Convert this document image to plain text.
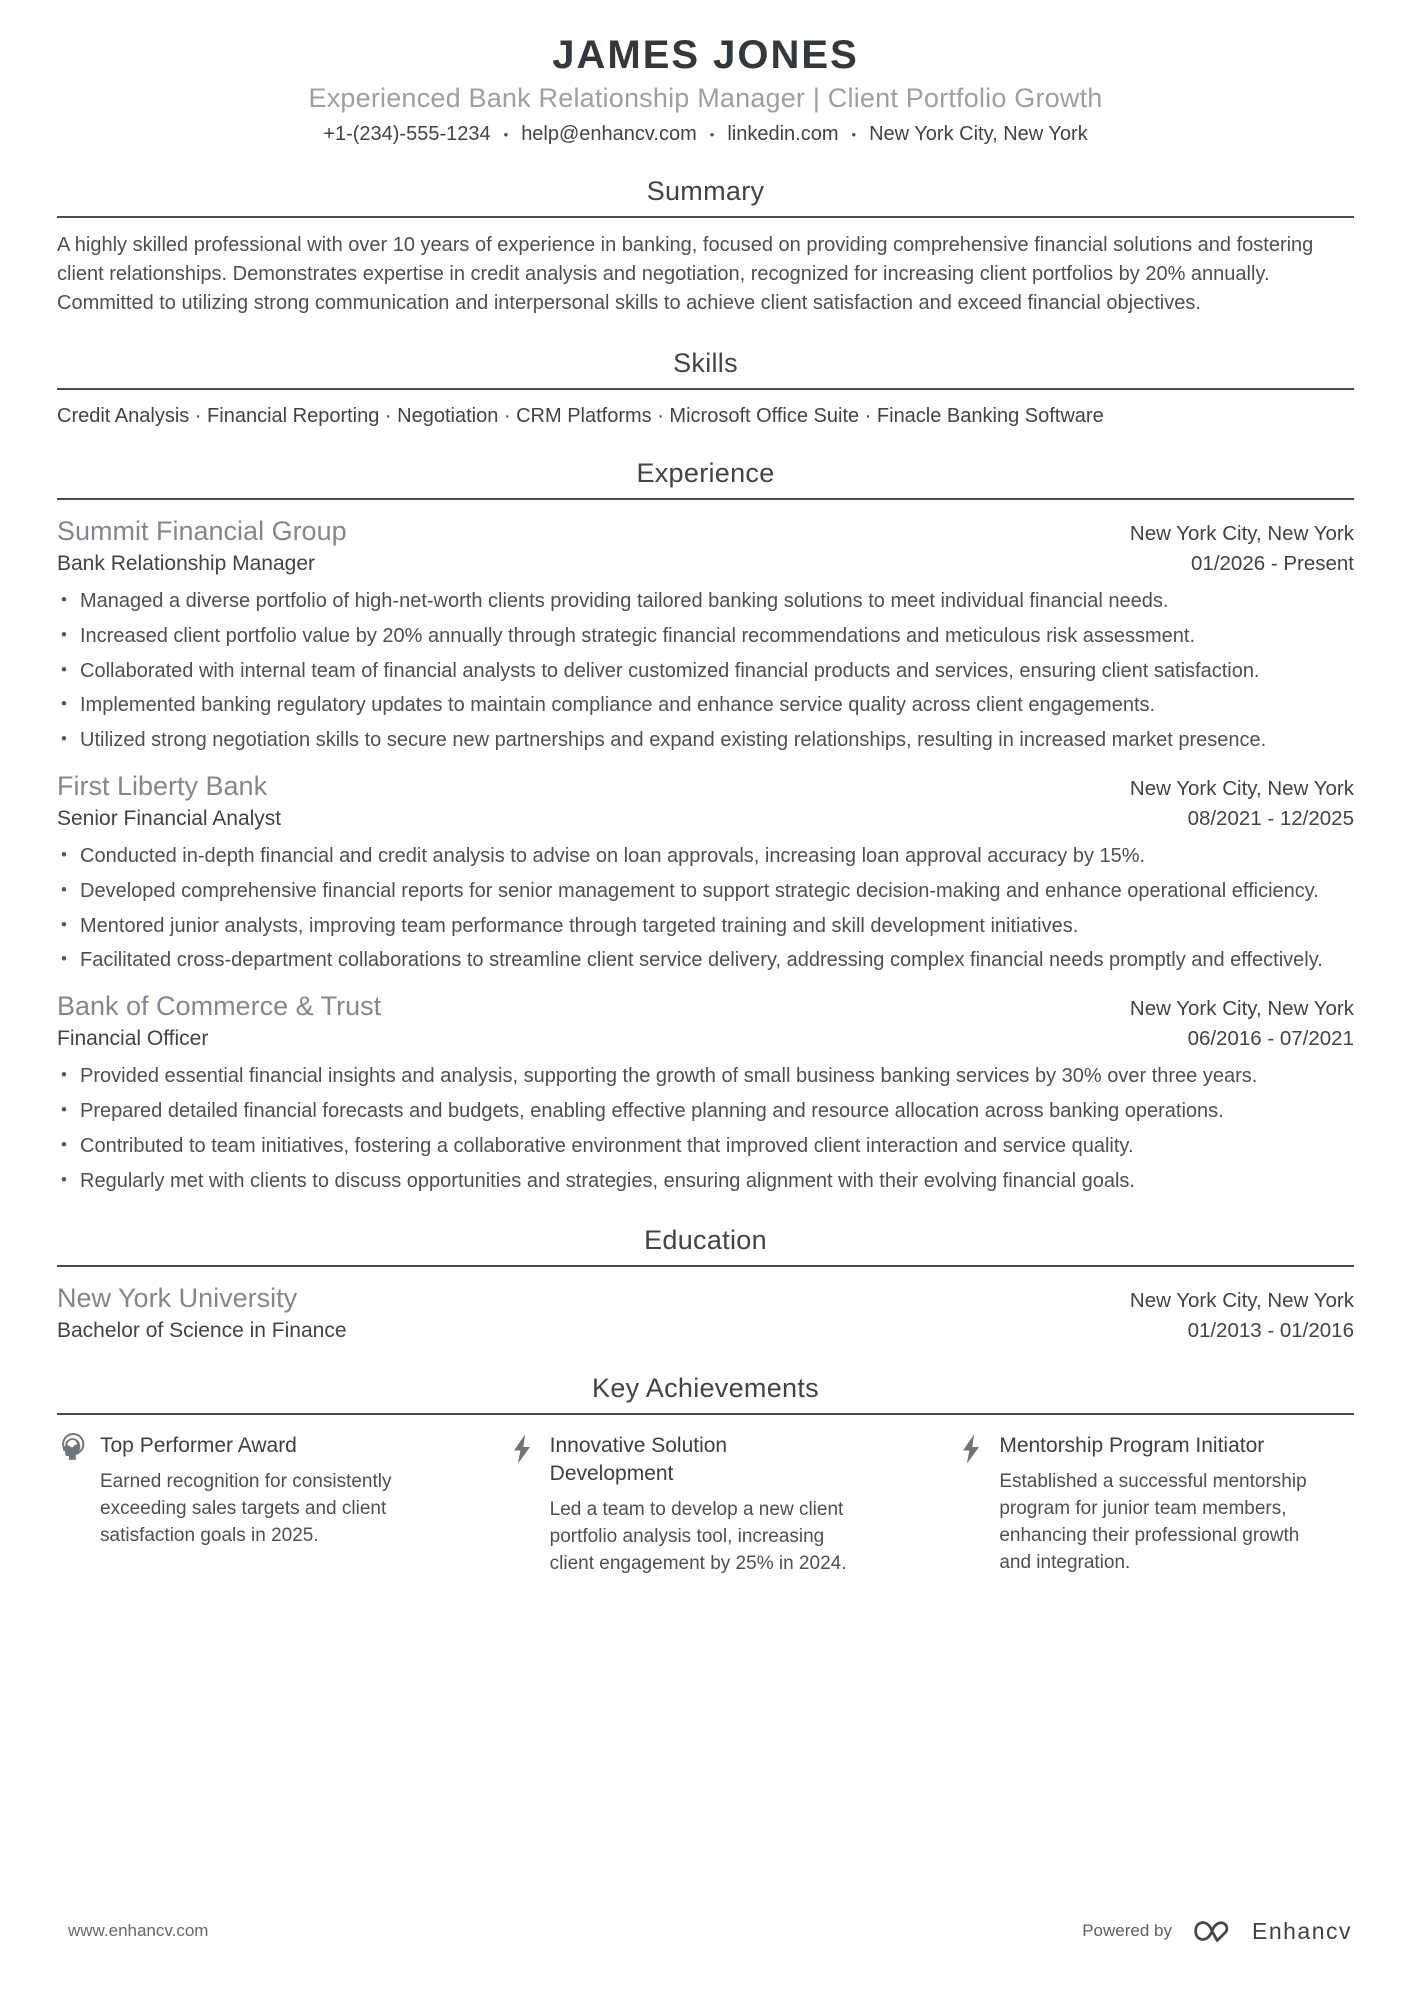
JAMES JONES
Experienced Bank Relationship Manager | Client Portfolio Growth
+1-(234)-555-1234 • help@enhancv.com • linkedin.com • New York City, New York
Summary
A highly skilled professional with over 10 years of experience in banking, focused on providing comprehensive financial solutions and fostering client relationships. Demonstrates expertise in credit analysis and negotiation, recognized for increasing client portfolios by 20% annually. Committed to utilizing strong communication and interpersonal skills to achieve client satisfaction and exceed financial objectives.
Skills
Credit Analysis · Financial Reporting · Negotiation · CRM Platforms · Microsoft Office Suite · Finacle Banking Software
Experience
Summit Financial Group	New York City, New York
Bank Relationship Manager	01/2026 - Present
• Managed a diverse portfolio of high-net-worth clients providing tailored banking solutions to meet individual financial needs.
• Increased client portfolio value by 20% annually through strategic financial recommendations and meticulous risk assessment.
• Collaborated with internal team of financial analysts to deliver customized financial products and services, ensuring client satisfaction.
• Implemented banking regulatory updates to maintain compliance and enhance service quality across client engagements.
• Utilized strong negotiation skills to secure new partnerships and expand existing relationships, resulting in increased market presence.
First Liberty Bank	New York City, New York
Senior Financial Analyst	08/2021 - 12/2025
• Conducted in-depth financial and credit analysis to advise on loan approvals, increasing loan approval accuracy by 15%.
• Developed comprehensive financial reports for senior management to support strategic decision-making and enhance operational efficiency.
• Mentored junior analysts, improving team performance through targeted training and skill development initiatives.
• Facilitated cross-department collaborations to streamline client service delivery, addressing complex financial needs promptly and effectively.
Bank of Commerce & Trust	New York City, New York
Financial Officer	06/2016 - 07/2021
• Provided essential financial insights and analysis, supporting the growth of small business banking services by 30% over three years.
• Prepared detailed financial forecasts and budgets, enabling effective planning and resource allocation across banking operations.
• Contributed to team initiatives, fostering a collaborative environment that improved client interaction and service quality.
• Regularly met with clients to discuss opportunities and strategies, ensuring alignment with their evolving financial goals.
Education
New York University	New York City, New York
Bachelor of Science in Finance	01/2013 - 01/2016
Key Achievements
Top Performer Award
Earned recognition for consistently exceeding sales targets and client satisfaction goals in 2025.
Innovative Solution Development
Led a team to develop a new client portfolio analysis tool, increasing client engagement by 25% in 2024.
Mentorship Program Initiator
Established a successful mentorship program for junior team members, enhancing their professional growth and integration.
www.enhancv.com	Powered by	Enhancv
